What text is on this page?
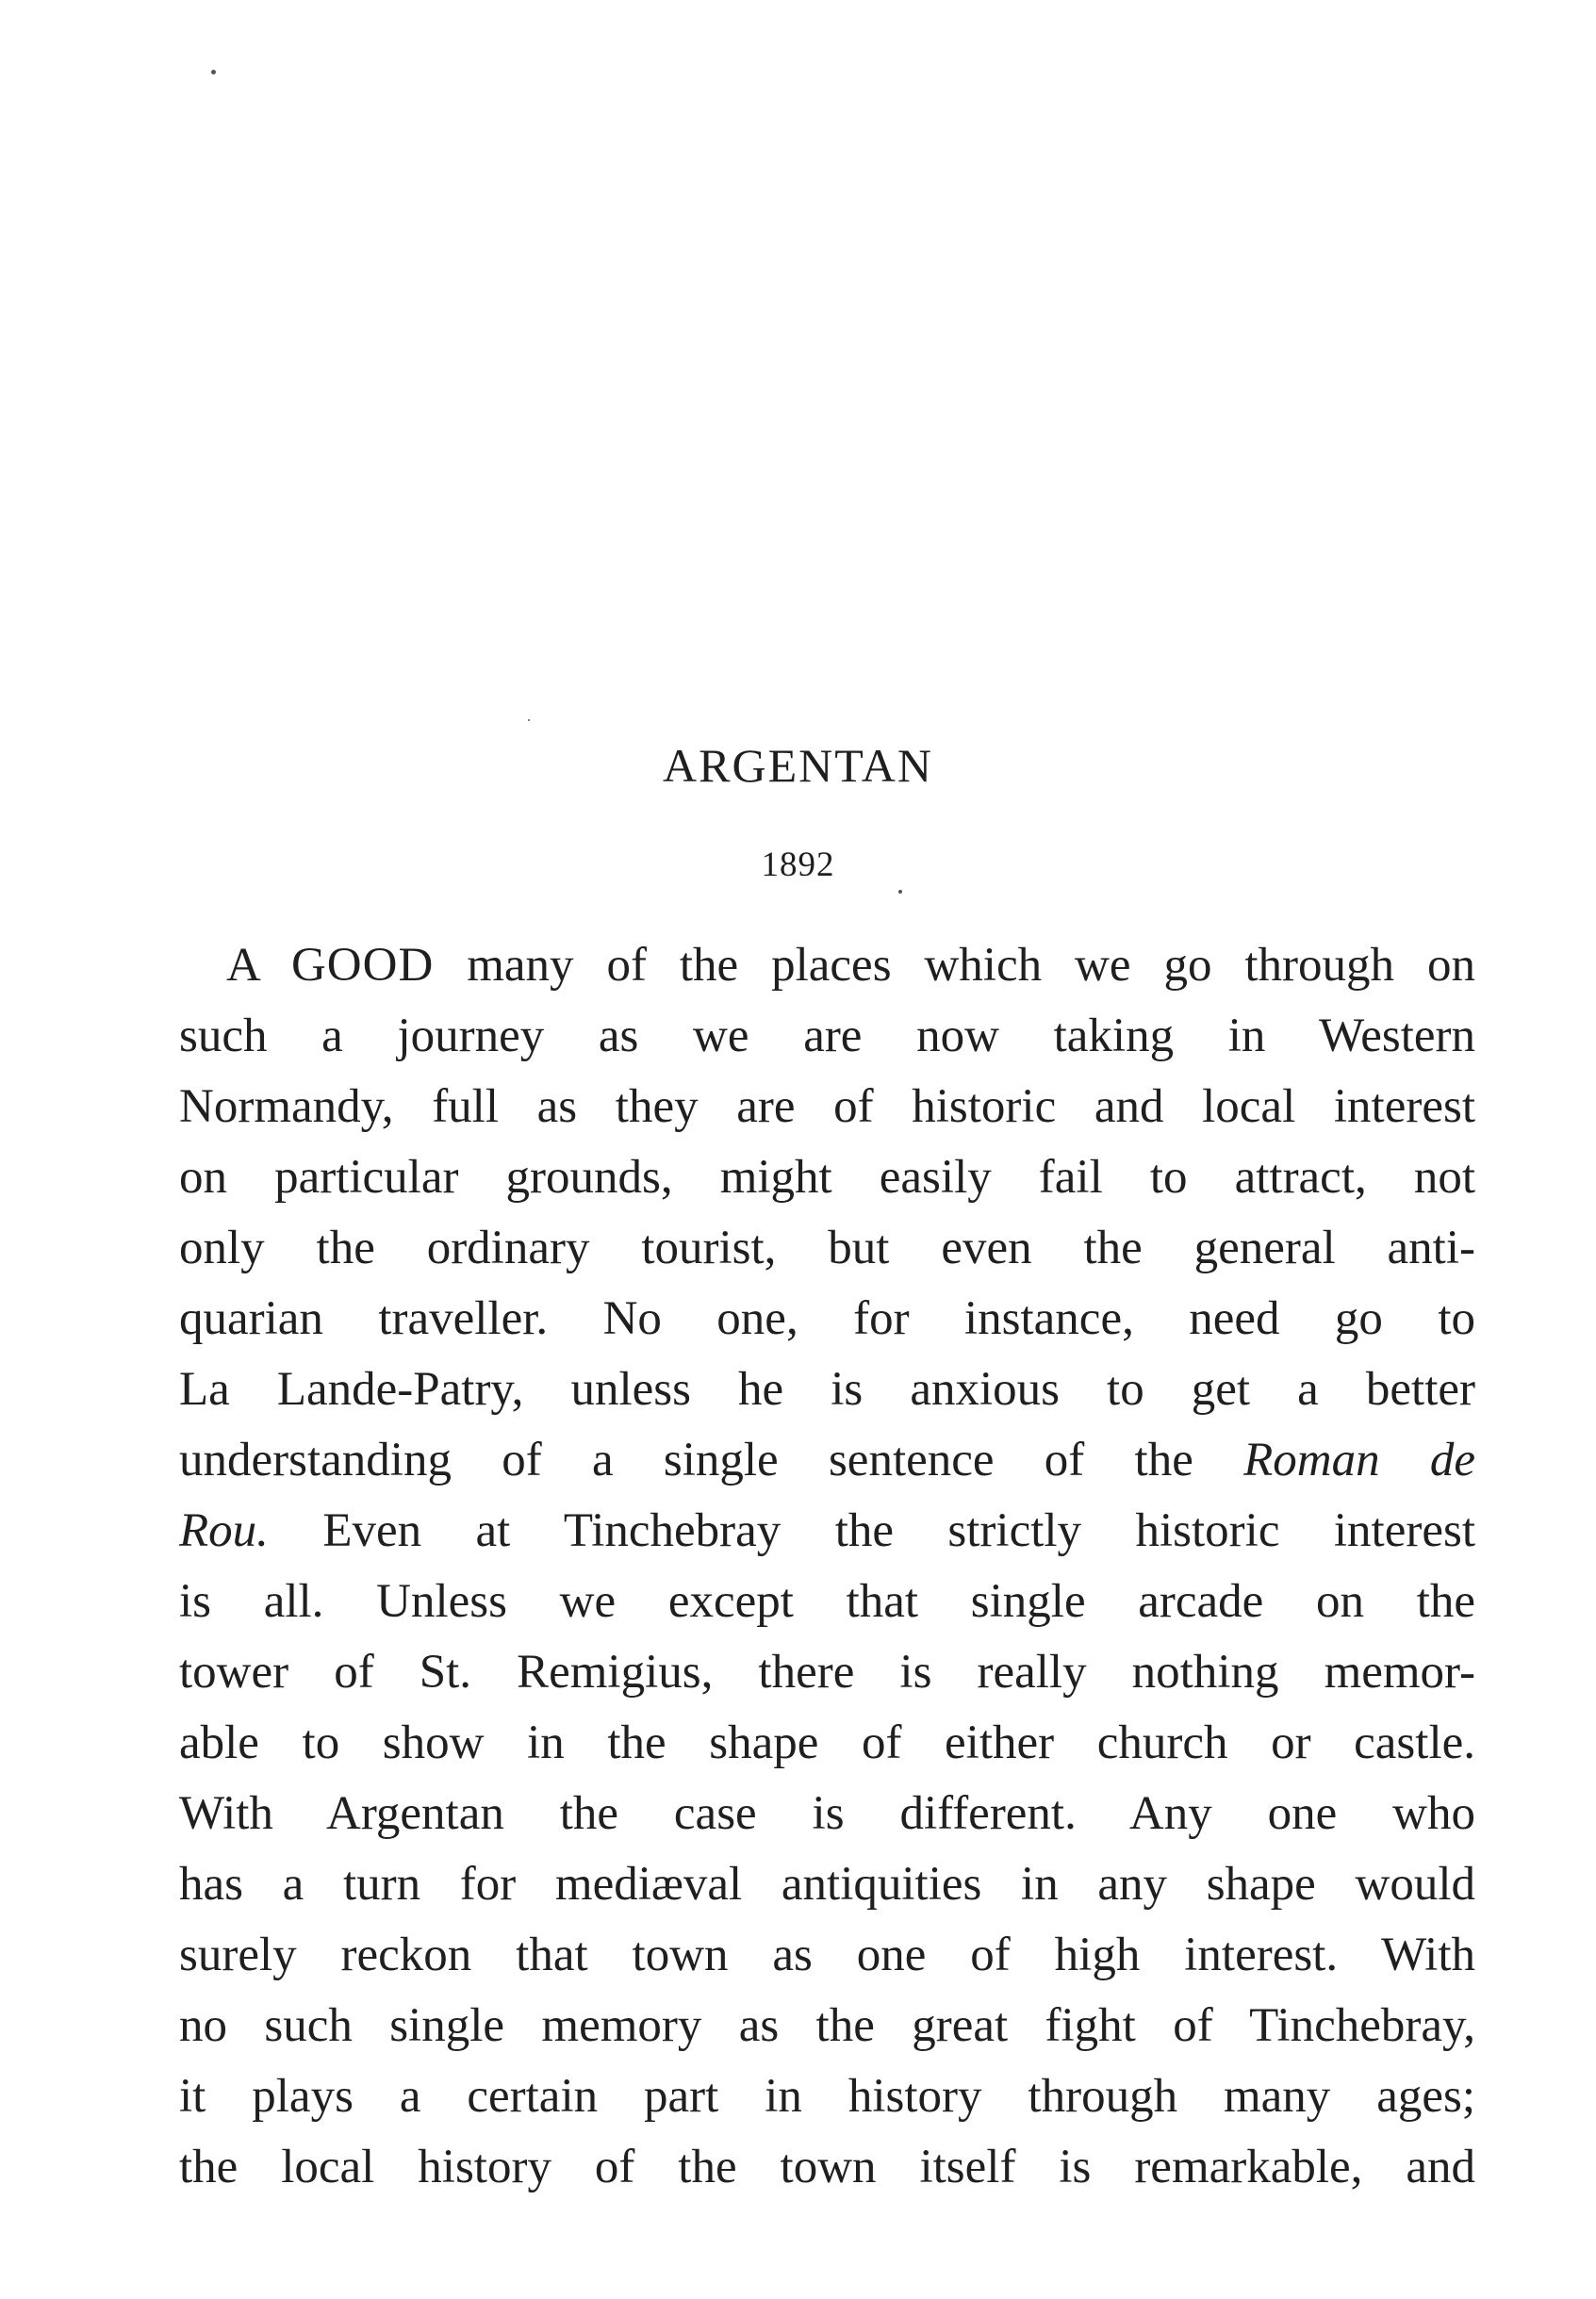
ARGENTAN

1892

A GOOD many of the places which we go through on
such a journey as we are now taking in Western
Normandy, full as they are of historic and local interest
on particular grounds, might easily fail to attract, not
only the ordinary tourist, but even the general anti-
quarian traveller. No one, for instance, need go to
La Lande-Patry, unless he is anxious to get a better
understanding of a single sentence of the Roman de
Rou. Even at Tinchebray the strictly historic interest
is all. Unless we except that single arcade on the
tower of St. Remigius, there is really nothing memor-
able to show in the shape of either church or castle.
With Argentan the case is different. Any one who
has a turn for mediæval antiquities in any shape would
surely reckon that town as one of high interest. With
no such single memory as the great fight of Tinchebray,
it plays a certain part in history through many ages;
the local history of the town itself is remarkable, and
